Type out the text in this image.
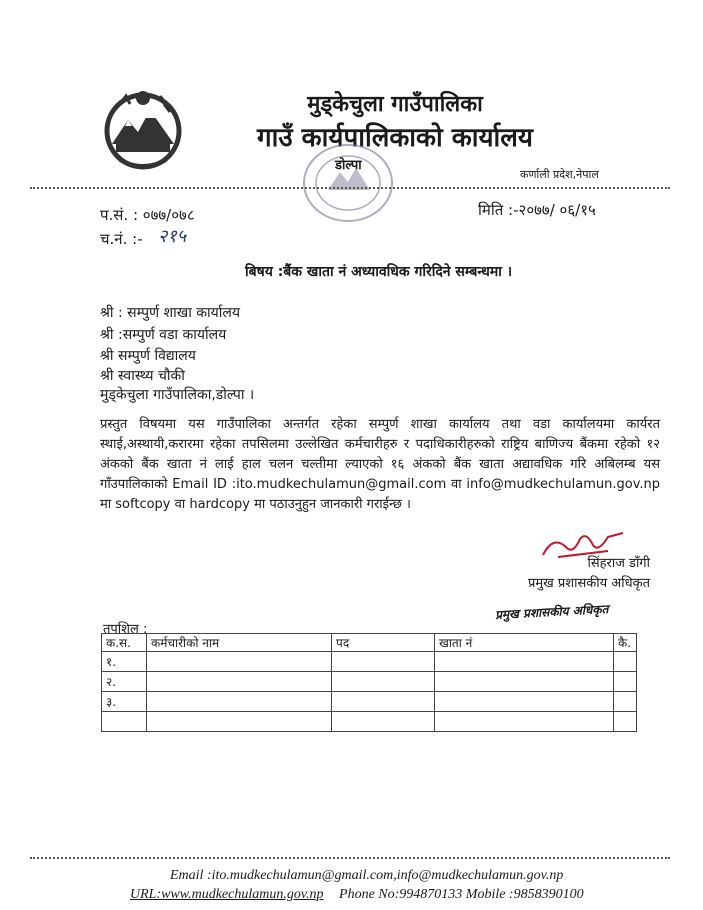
मुड्केचुला गाउँपालिका
गाउँ कार्यपालिकाको कार्यालय
डोल्पा
कर्णाली प्रदेश,नेपाल
प.सं. : ०७७/०७८
च.नं. :- २१५
मिति :-२०७७/ ०६/१५
बिषय :बैंक खाता नं अध्यावधिक गरिदिने सम्बन्धमा ।
श्री : सम्पुर्ण शाखा कार्यालय
श्री :सम्पुर्ण वडा कार्यालय
श्री सम्पुर्ण विद्यालय
श्री स्वास्थ्य चौकी
मुड्केचुला गाउँपालिका,डोल्पा ।
प्रस्तुत विषयमा यस गाउँपालिका अन्तर्गत रहेका सम्पुर्ण शाखा कार्यालय तथा वडा कार्यालयमा कार्यरत स्थाई,अस्थायी,करारमा रहेका तपसिलमा उल्लेखित कर्मचारीहरु र पदाधिकारीहरुको राष्ट्रिय बाणिज्य बैंकमा रहेको १२ अंकको बैंक खाता नं लाई हाल चलन चल्तीमा ल्याएको १६ अंकको बैंक खाता अद्यावधिक गरि अबिलम्ब यस गाँउपालिकाको Email ID :ito.mudkechulamun@gmail.com वा info@mudkechulamun.gov.np मा softcopy वा hardcopy मा पठाउनुहुन जानकारी गराईन्छ ।
सिंहराज डाँगी
प्रमुख प्रशासकीय अधिकृत
प्रमुख प्रशासकीय अधिकृत
तपशिल :
क.स.	कर्मचारीको नाम	पद	खाता नं	कै.
१.				
२.				
३.				

Email :ito.mudkechulamun@gmail.com,info@mudkechulamun.gov.np
URL:www.mudkechulamun.gov.np Phone No:994870133 Mobile :9858390100
